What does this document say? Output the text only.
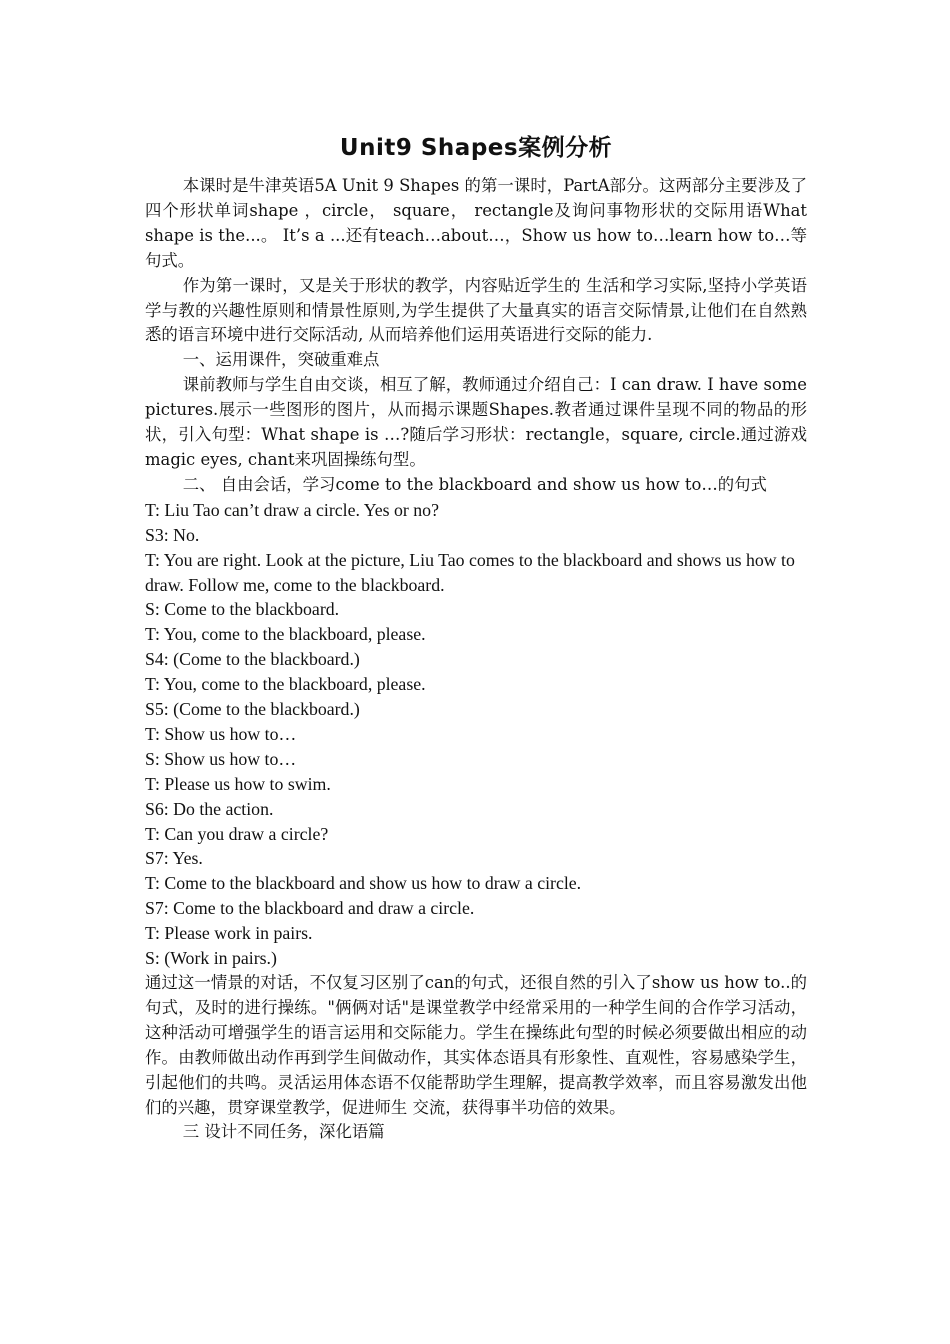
Unit9 Shapes案例分析

本课时是牛津英语5A Unit 9 Shapes 的第一课时，PartA部分。这两部分主要涉及了四个形状单词shape ，circle， square， rectangle及询问事物形状的交际用语What shape is the...。 It’s a ...还有teach…about…，Show us how to…learn how to…等句式。

作为第一课时，又是关于形状的教学，内容贴近学生的 生活和学习实际,坚持小学英语学与教的兴趣性原则和情景性原则,为学生提供了大量真实的语言交际情景,让他们在自然熟悉的语言环境中进行交际活动, 从而培养他们运用英语进行交际的能力.

一、运用课件，突破重难点

课前教师与学生自由交谈，相互了解，教师通过介绍自己：I can draw. I have some pictures.展示一些图形的图片，从而揭示课题Shapes.教者通过课件呈现不同的物品的形状，引入句型：What shape is …?随后学习形状：rectangle，square, circle.通过游戏magic eyes, chant来巩固操练句型。

二、 自由会话，学习come to the blackboard and show us how to…的句式

T: Liu Tao can’t draw a circle. Yes or no?

S3: No.

T: You are right. Look at the picture, Liu Tao comes to the blackboard and shows us how to draw. Follow me, come to the blackboard.

S: Come to the blackboard.

T: You, come to the blackboard, please.

S4: (Come to the blackboard.)

T: You, come to the blackboard, please.

S5: (Come to the blackboard.)

T: Show us how to…

S: Show us how to…

T: Please us how to swim.

S6: Do the action.

T: Can you draw a circle?

S7: Yes.

T: Come to the blackboard and show us how to draw a circle.

S7: Come to the blackboard and draw a circle.

T: Please work in pairs.

S: (Work in pairs.)

通过这一情景的对话，不仅复习区别了can的句式，还很自然的引入了show us how to..的句式，及时的进行操练。"俩俩对话"是课堂教学中经常采用的一种学生间的合作学习活动，这种活动可增强学生的语言运用和交际能力。学生在操练此句型的时候必须要做出相应的动作。由教师做出动作再到学生间做动作，其实体态语具有形象性、直观性，容易感染学生，引起他们的共鸣。灵活运用体态语不仅能帮助学生理解，提高教学效率，而且容易激发出他们的兴趣，贯穿课堂教学，促进师生 交流，获得事半功倍的效果。

三 设计不同任务，深化语篇
